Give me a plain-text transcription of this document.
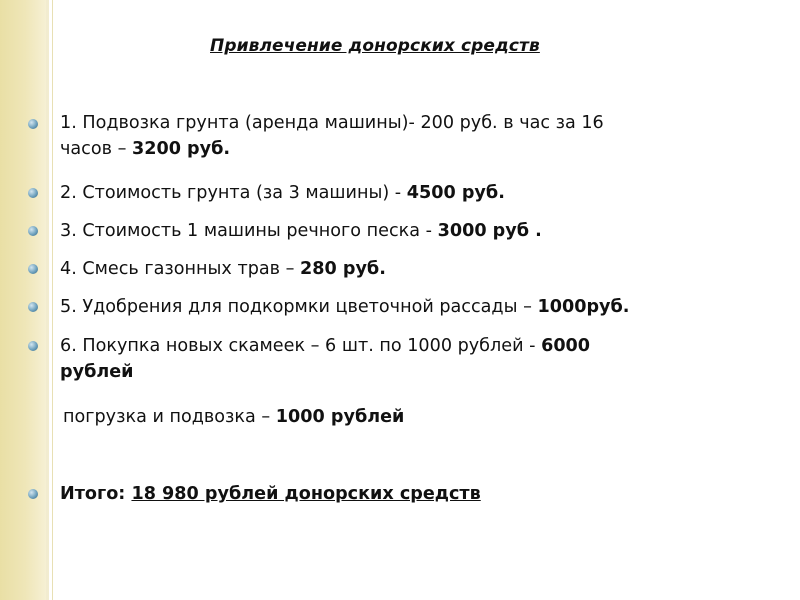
Привлечение донорских средств
1. Подвозка грунта (аренда машины)- 200 руб. в час за 16
часов – 3200 руб.
2. Стоимость грунта (за 3 машины) - 4500 руб.
3. Стоимость 1 машины речного песка - 3000 руб .
4. Смесь газонных трав – 280 руб.
5. Удобрения для подкормки цветочной рассады – 1000руб.
6. Покупка новых скамеек – 6 шт. по 1000 рублей - 6000
рублей
погрузка и подвозка – 1000 рублей
Итого: 18 980 рублей донорских средств
